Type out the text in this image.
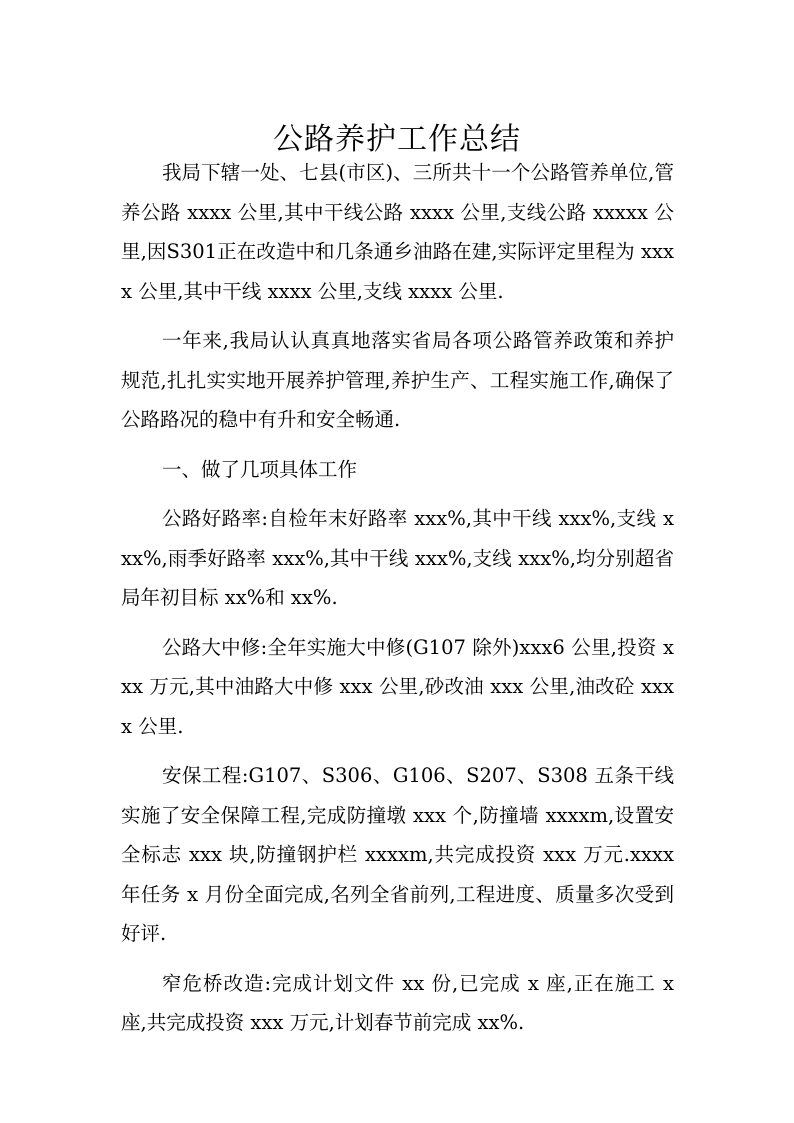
公路养护工作总结

我局下辖一处、七县(市区)、三所共十一个公路管养单位,管养公路 xxxx 公里,其中干线公路 xxxx 公里,支线公路 xxxxx 公里,因S301正在改造中和几条通乡油路在建,实际评定里程为 xxxx 公里,其中干线 xxxx 公里,支线 xxxx 公里.

一年来,我局认认真真地落实省局各项公路管养政策和养护规范,扎扎实实地开展养护管理,养护生产、工程实施工作,确保了公路路况的稳中有升和安全畅通.

一、做了几项具体工作

公路好路率:自检年末好路率 xxx%,其中干线 xxx%,支线 xxx%,雨季好路率 xxx%,其中干线 xxx%,支线 xxx%,均分别超省局年初目标 xx%和 xx%.

公路大中修:全年实施大中修(G107 除外)xxx6 公里,投资 xxx 万元,其中油路大中修 xxx 公里,砂改油 xxx 公里,油改砼 xxxx 公里.

安保工程:G107、S306、G106、S207、S308 五条干线实施了安全保障工程,完成防撞墩 xxx 个,防撞墙 xxxxm,设置安全标志 xxx 块,防撞钢护栏 xxxxm,共完成投资 xxx 万元.xxxx 年任务 x 月份全面完成,名列全省前列,工程进度、质量多次受到好评.

窄危桥改造:完成计划文件 xx 份,已完成 x 座,正在施工 x 座,共完成投资 xxx 万元,计划春节前完成 xx%.
